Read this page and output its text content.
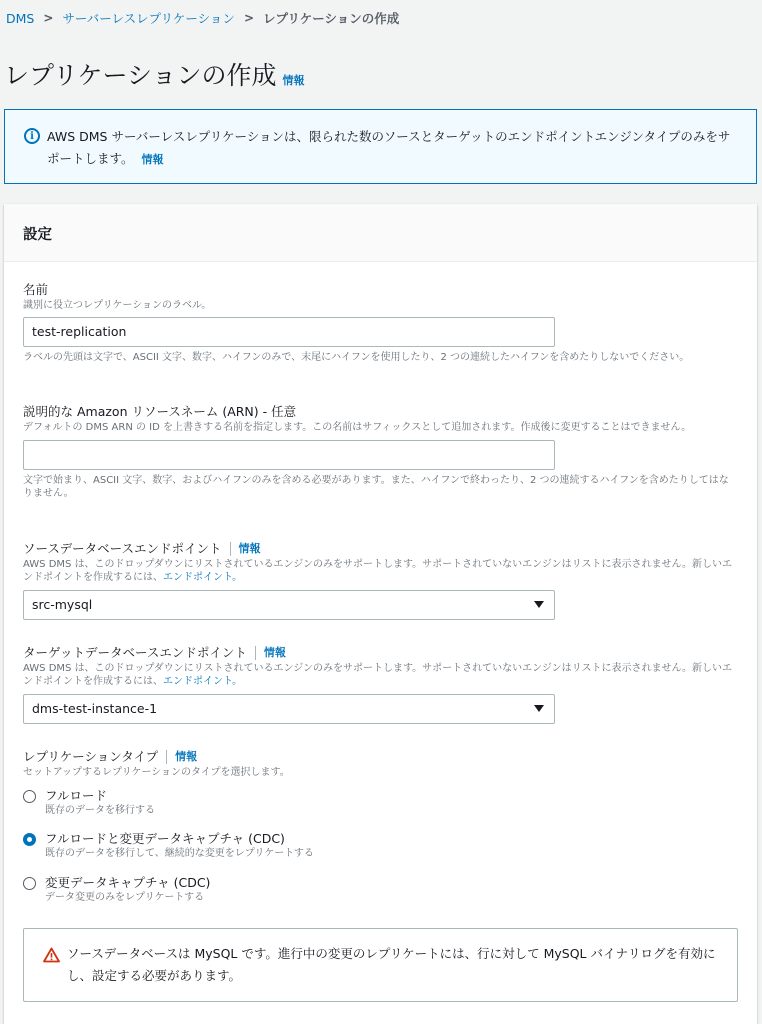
DMS > サーバーレスレプリケーション > レプリケーションの作成
レプリケーションの作成 情報
i	AWS DMS サーバーレスレプリケーションは、限られた数のソースとターゲットのエンドポイントエンジンタイプのみをサポートします。 情報
設定
名前
識別に役立つレプリケーションのラベル。
test-replication
ラベルの先頭は文字で、ASCII 文字、数字、ハイフンのみで、末尾にハイフンを使用したり、2 つの連続したハイフンを含めたりしないでください。
説明的な Amazon リソースネーム (ARN) - 任意
デフォルトの DMS ARN の ID を上書きする名前を指定します。この名前はサフィックスとして追加されます。作成後に変更することはできません。
文字で始まり、ASCII 文字、数字、およびハイフンのみを含める必要があります。また、ハイフンで終わったり、2 つの連続するハイフンを含めたりしてはなりません。
ソースデータベースエンドポイント 情報
AWS DMS は、このドロップダウンにリストされているエンジンのみをサポートします。サポートされていないエンジンはリストに表示されません。新しいエンドポイントを作成するには、エンドポイント。
src-mysql
ターゲットデータベースエンドポイント 情報
AWS DMS は、このドロップダウンにリストされているエンジンのみをサポートします。サポートされていないエンジンはリストに表示されません。新しいエンドポイントを作成するには、エンドポイント。
dms-test-instance-1
レプリケーションタイプ 情報
セットアップするレプリケーションのタイプを選択します。
フルロード
既存のデータを移行する
フルロードと変更データキャプチャ (CDC)
既存のデータを移行して、継続的な変更をレプリケートする
変更データキャプチャ (CDC)
データ変更のみをレプリケートする
ソースデータベースは MySQL です。進行中の変更のレプリケートには、行に対して MySQL バイナリログを有効にし、設定する必要があります。
